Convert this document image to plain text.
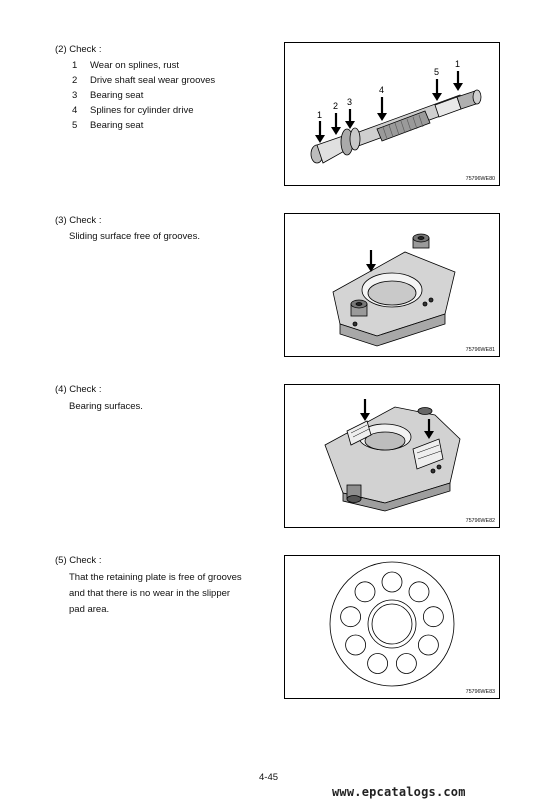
(2) Check :
1 Wear on splines, rust
2 Drive shaft seal wear grooves
3 Bearing seat
4 Splines for cylinder drive
5 Bearing seat
1
2 3
4
5
1
75796WE80
(3) Check :
Sliding surface free of grooves.
75796WE81
(4) Check :
Bearing surfaces.
75796WE82
(5) Check :
That the retaining plate is free of grooves
and that there is no wear in the slipper
pad area.
75796WE83
4-45
www.epcatalogs.com
